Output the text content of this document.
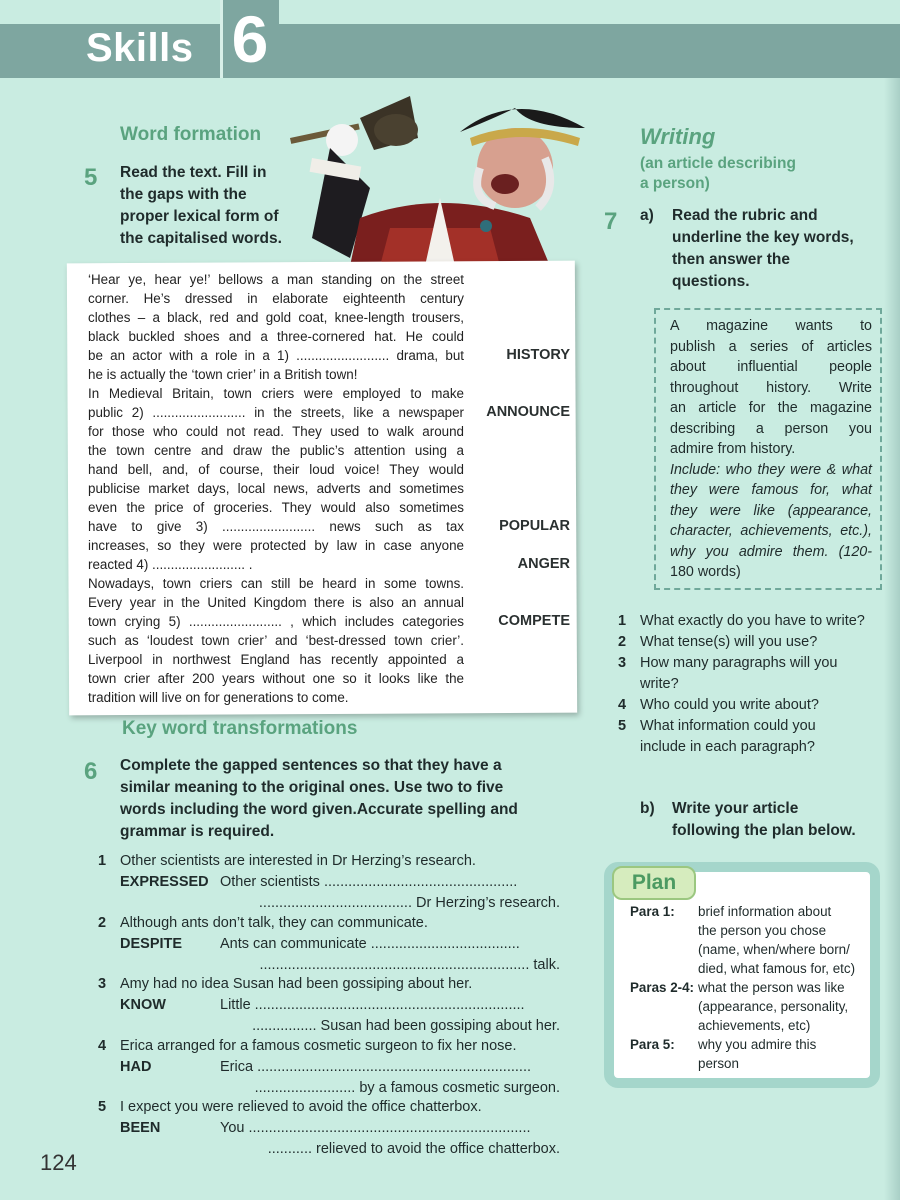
Skills 6
Word formation
5 Read the text. Fill in
the gaps with the
proper lexical form of
the capitalised words.
‘Hear ye, hear ye!’ bellows a man standing on the street
corner. He’s dressed in elaborate eighteenth century
clothes – a black, red and gold coat, knee-length trousers,
black buckled shoes and a three-cornered hat. He could
be an actor with a role in a 1) ......................... drama, but
he is actually the ‘town crier’ in a British town!
In Medieval Britain, town criers were employed to make
public 2) ......................... in the streets, like a newspaper
for those who could not read. They used to walk around
the town centre and draw the public’s attention using a
hand bell, and, of course, their loud voice! They would
publicise market days, local news, adverts and sometimes
even the price of groceries. They would also sometimes
have to give 3) ......................... news such as tax
increases, so they were protected by law in case anyone
reacted 4) ......................... .
Nowadays, town criers can still be heard in some towns.
Every year in the United Kingdom there is also an annual
town crying 5) ......................... , which includes categories
such as ‘loudest town crier’ and ‘best-dressed town crier’.
Liverpool in northwest England has recently appointed a
town crier after 200 years without one so it looks like the
tradition will live on for generations to come.
HISTORY
ANNOUNCE
POPULAR
ANGER
COMPETE
Key word transformations
6 Complete the gapped sentences so that they have a
similar meaning to the original ones. Use two to five
words including the word given.Accurate spelling and
grammar is required.
1 Other scientists are interested in Dr Herzing’s research.
EXPRESSED Other scientists ................................................
...................................... Dr Herzing’s research.
2 Although ants don’t talk, they can communicate.
DESPITE	Ants can communicate .....................................
................................................................... talk.
3 Amy had no idea Susan had been gossiping about her.
KNOW	Little ...................................................................
................ Susan had been gossiping about her.
4 Erica arranged for a famous cosmetic surgeon to fix her nose.
HAD	Erica ....................................................................
......................... by a famous cosmetic surgeon.
5 I expect you were relieved to avoid the office chatterbox.
BEEN	You ......................................................................
........... relieved to avoid the office chatterbox.
Writing
(an article describing
a person)
7 a) Read the rubric and
underline the key words,
then answer the
questions.
A magazine wants to
publish a series of articles
about influential people
throughout history. Write
an article for the magazine
describing a person you
admire from history.
Include: who they were & what
they were famous for, what
they were like (appearance,
character, achievements, etc.),
why you admire them. (120-
180 words)
1 What exactly do you have to write?
2 What tense(s) will you use?
3 How many paragraphs will you
write?
4 Who could you write about?
5 What information could you
include in each paragraph?
b) Write your article
following the plan below.
Plan
Para 1:	brief information about
the person you chose
(name, when/where born/
died, what famous for, etc)
Paras 2-4: what the person was like
(appearance, personality,
achievements, etc)
Para 5:	why you admire this
person
124
